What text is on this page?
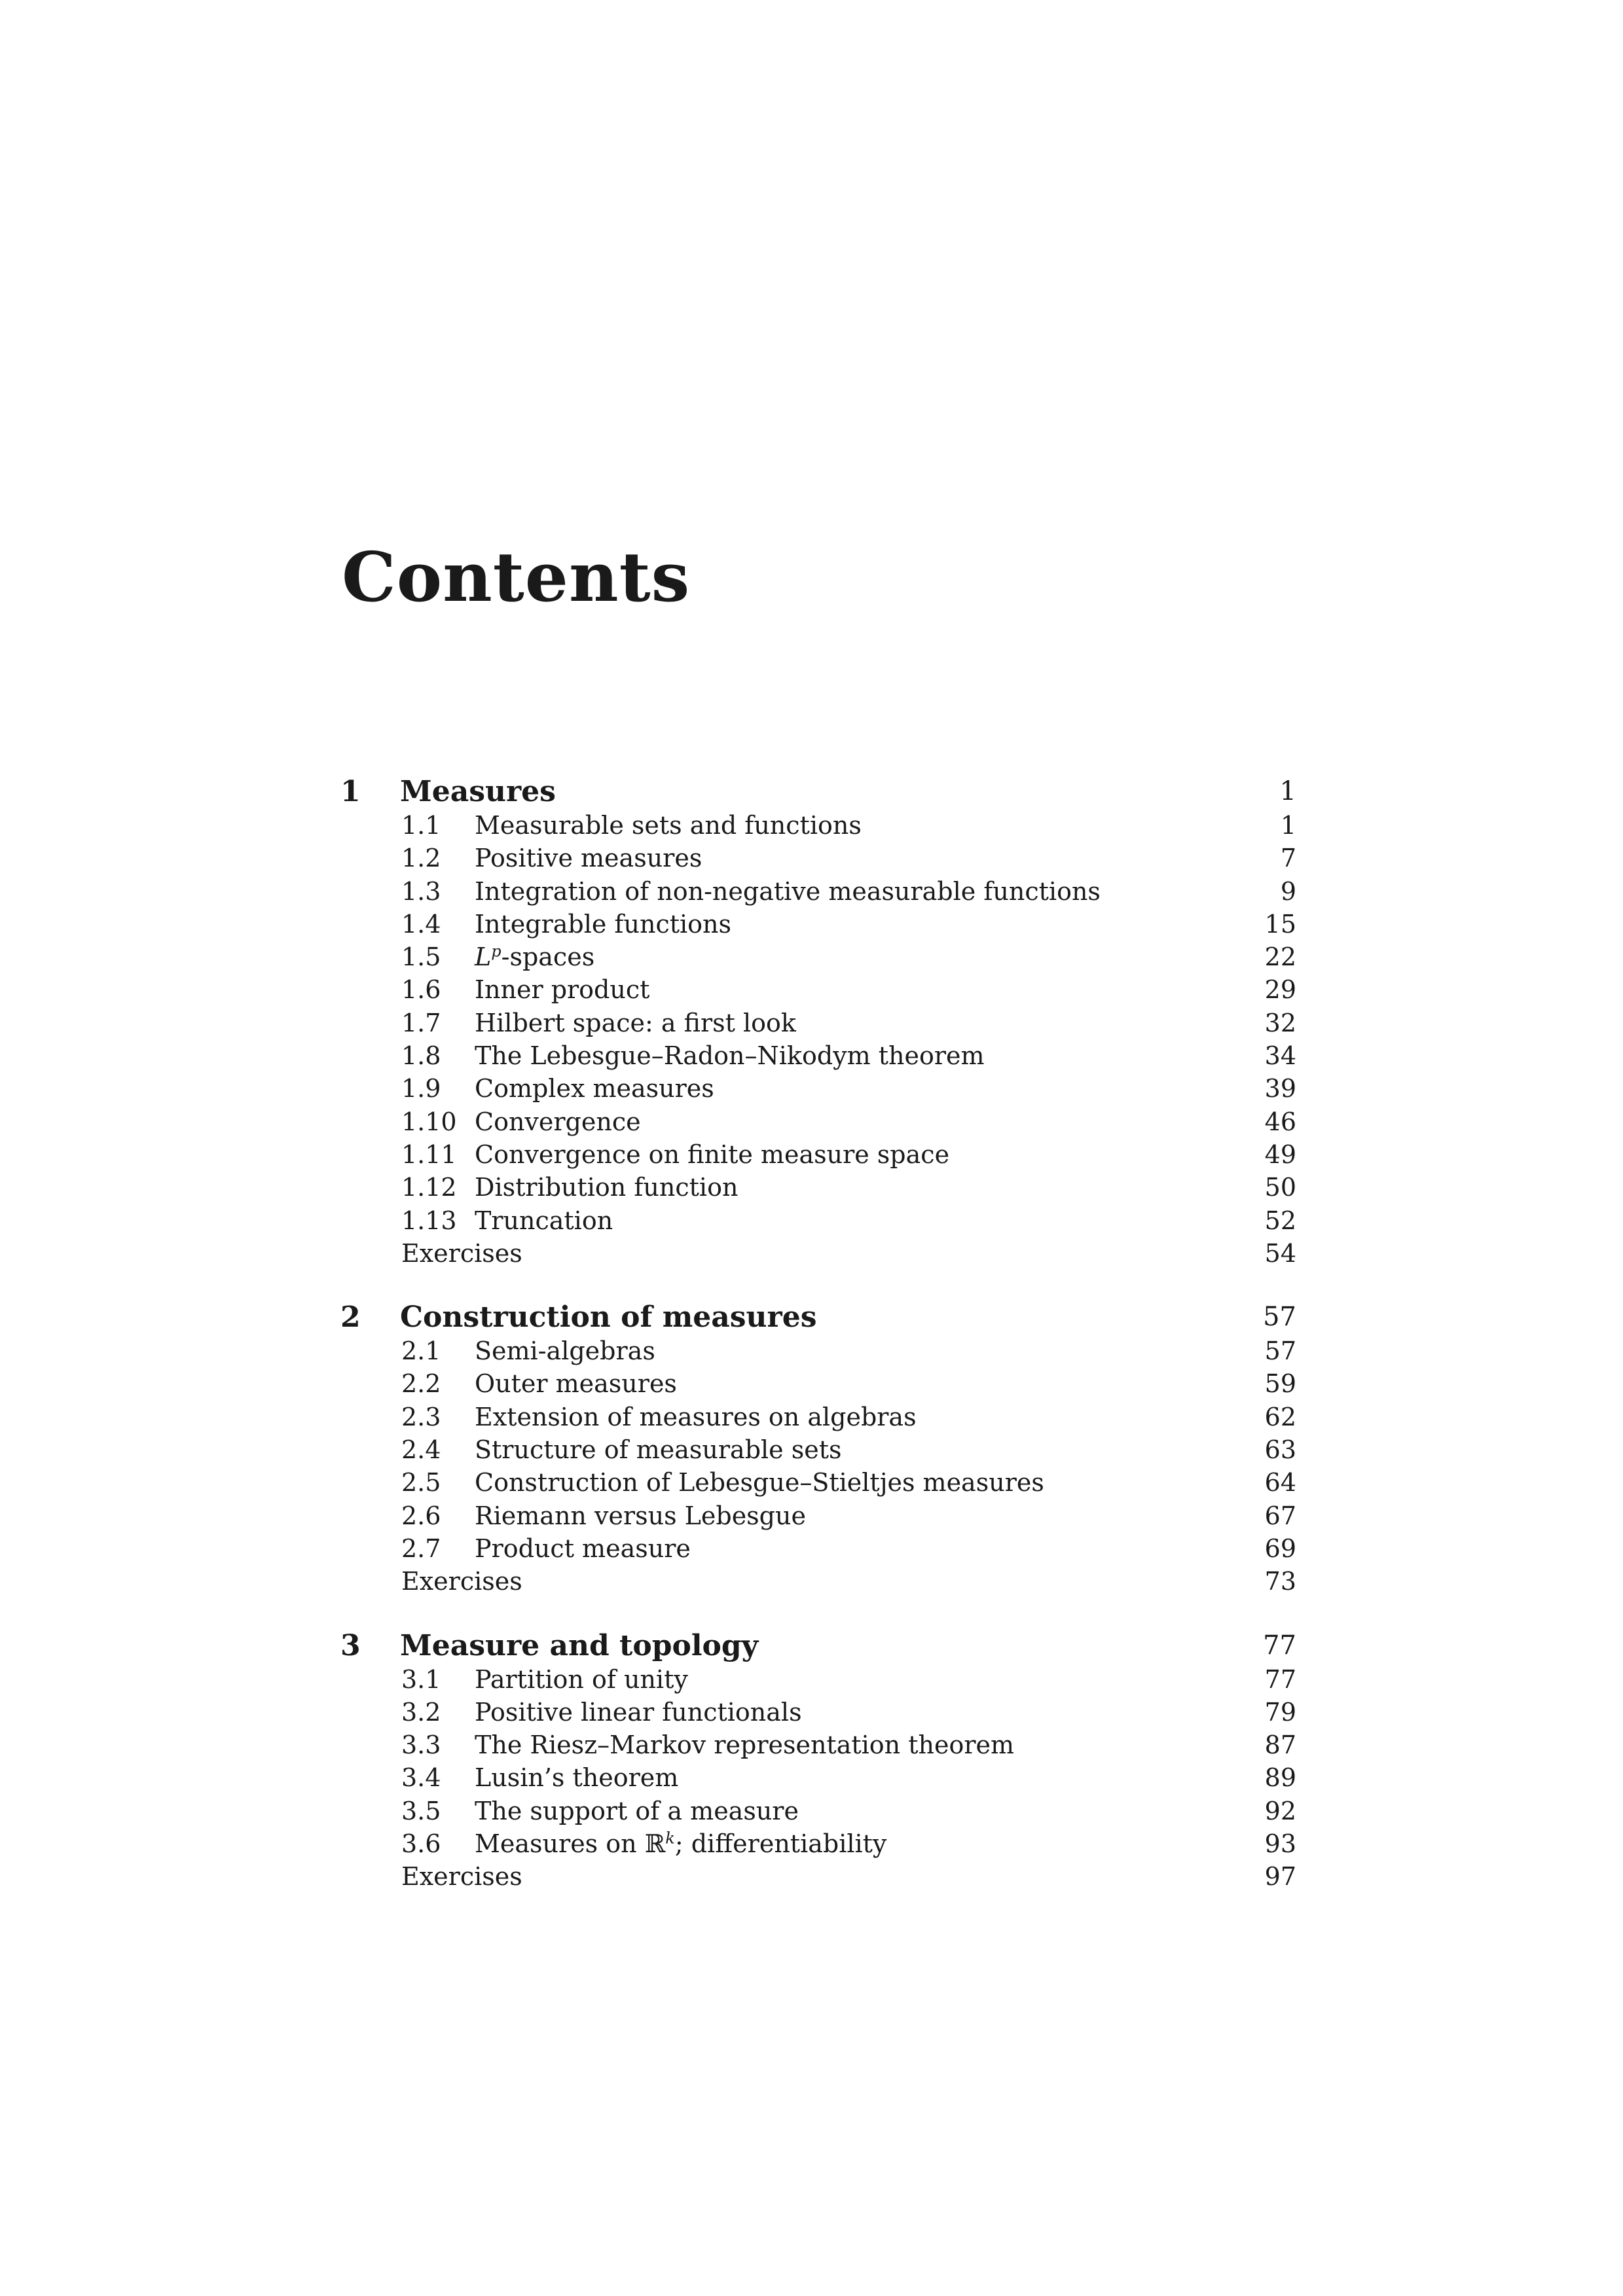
Contents
1 Measures	1
1.1 Measurable sets and functions	1
1.2 Positive measures	7
1.3 Integration of non-negative measurable functions	9
1.4 Integrable functions	15
1.5 $L^p$-spaces	22
1.6 Inner product	29
1.7 Hilbert space: a first look	32
1.8 The Lebesgue–Radon–Nikodym theorem	34
1.9 Complex measures	39
1.10 Convergence	46
1.11 Convergence on finite measure space	49
1.12 Distribution function	50
1.13 Truncation	52
Exercises	54
2 Construction of measures	57
2.1 Semi-algebras	57
2.2 Outer measures	59
2.3 Extension of measures on algebras	62
2.4 Structure of measurable sets	63
2.5 Construction of Lebesgue–Stieltjes measures	64
2.6 Riemann versus Lebesgue	67
2.7 Product measure	69
Exercises	73
3 Measure and topology	77
3.1 Partition of unity	77
3.2 Positive linear functionals	79
3.3 The Riesz–Markov representation theorem	87
3.4 Lusin’s theorem	89
3.5 The support of a measure	92
3.6 Measures on ℝ$^k$; differentiability	93
Exercises	97
